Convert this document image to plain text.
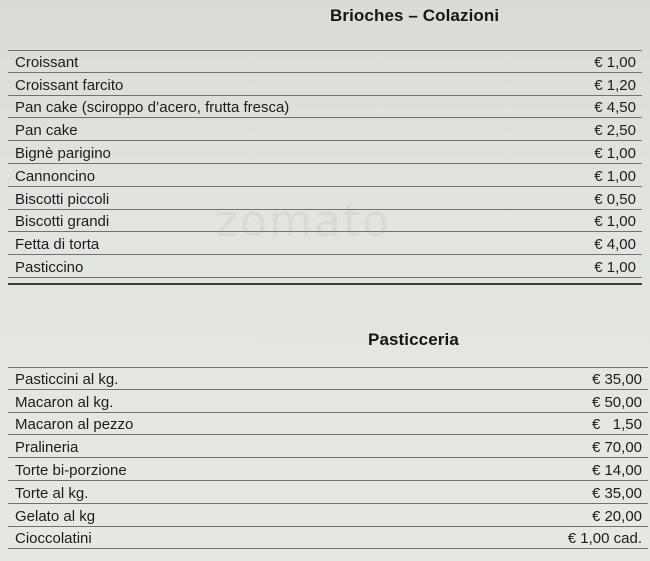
zomato
Brioches – Colazioni
Croissant	€ 1,00
Croissant farcito	€ 1,20
Pan cake (sciroppo d’acero, frutta fresca)	€ 4,50
Pan cake	€ 2,50
Bignè parigino	€ 1,00
Cannoncino	€ 1,00
Biscotti piccoli	€ 0,50
Biscotti grandi	€ 1,00
Fetta di torta	€ 4,00
Pasticcino	€ 1,00
Pasticceria
Pasticcini al kg.	€ 35,00
Macaron al kg.	€ 50,00
Macaron al pezzo	€   1,50
Pralineria	€ 70,00
Torte bi-porzione	€ 14,00
Torte al kg.	€ 35,00
Gelato al kg	€ 20,00
Cioccolatini	€ 1,00 cad.
